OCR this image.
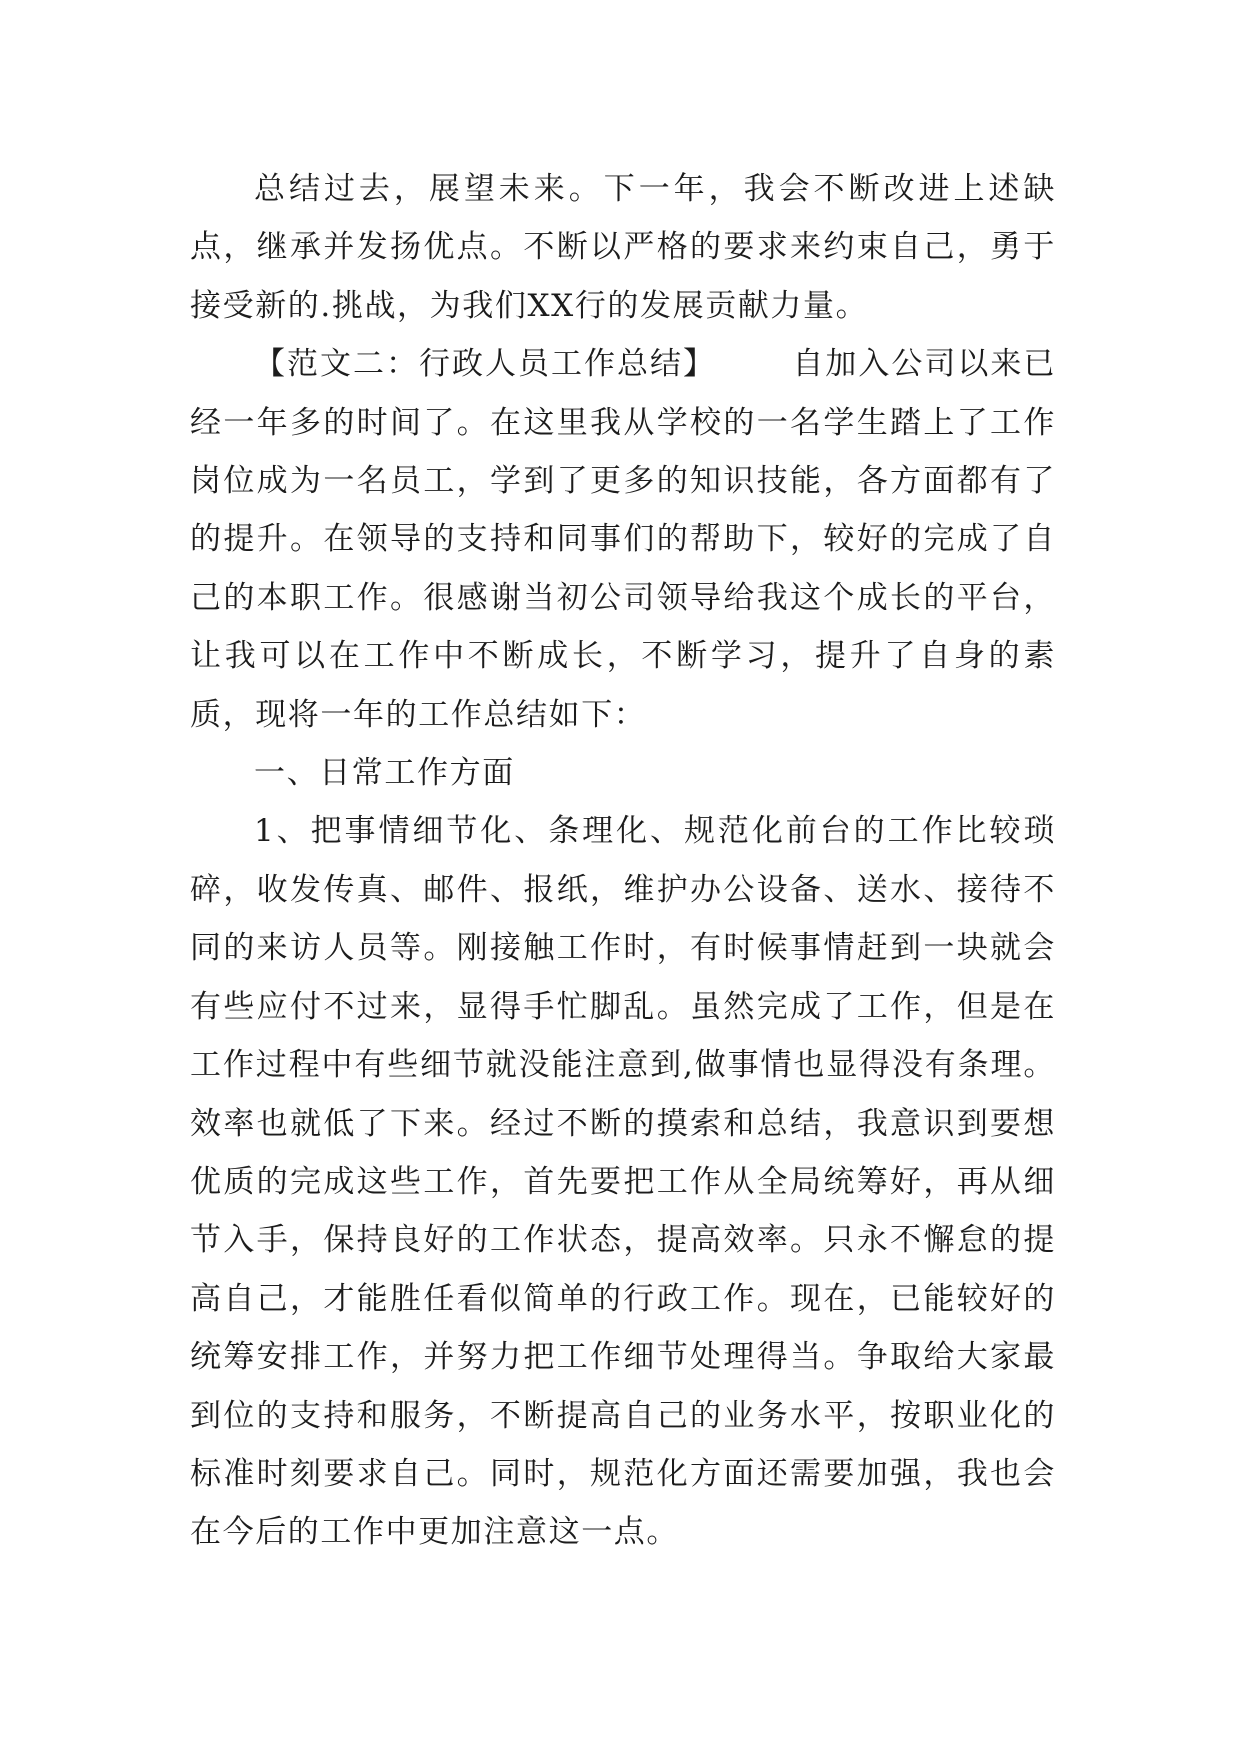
总结过去，展望未来。下一年，我会不断改进上述缺点，继承并发扬优点。不断以严格的要求来约束自己，勇于接受新的.挑战，为我们XX行的发展贡献力量。

【范文二：行政人员工作总结】 自加入公司以来已经一年多的时间了。在这里我从学校的一名学生踏上了工作岗位成为一名员工，学到了更多的知识技能，各方面都有了的提升。在领导的支持和同事们的帮助下，较好的完成了自己的本职工作。很感谢当初公司领导给我这个成长的平台，让我可以在工作中不断成长，不断学习，提升了自身的素质，现将一年的工作总结如下：

一、日常工作方面

1、把事情细节化、条理化、规范化前台的工作比较琐碎，收发传真、邮件、报纸，维护办公设备、送水、接待不同的来访人员等。刚接触工作时，有时候事情赶到一块就会有些应付不过来，显得手忙脚乱。虽然完成了工作，但是在工作过程中有些细节就没能注意到,做事情也显得没有条理。效率也就低了下来。经过不断的摸索和总结，我意识到要想优质的完成这些工作，首先要把工作从全局统筹好，再从细节入手，保持良好的工作状态，提高效率。只永不懈怠的提高自己，才能胜任看似简单的行政工作。现在，已能较好的统筹安排工作，并努力把工作细节处理得当。争取给大家最到位的支持和服务，不断提高自己的业务水平，按职业化的标准时刻要求自己。同时，规范化方面还需要加强，我也会在今后的工作中更加注意这一点。
